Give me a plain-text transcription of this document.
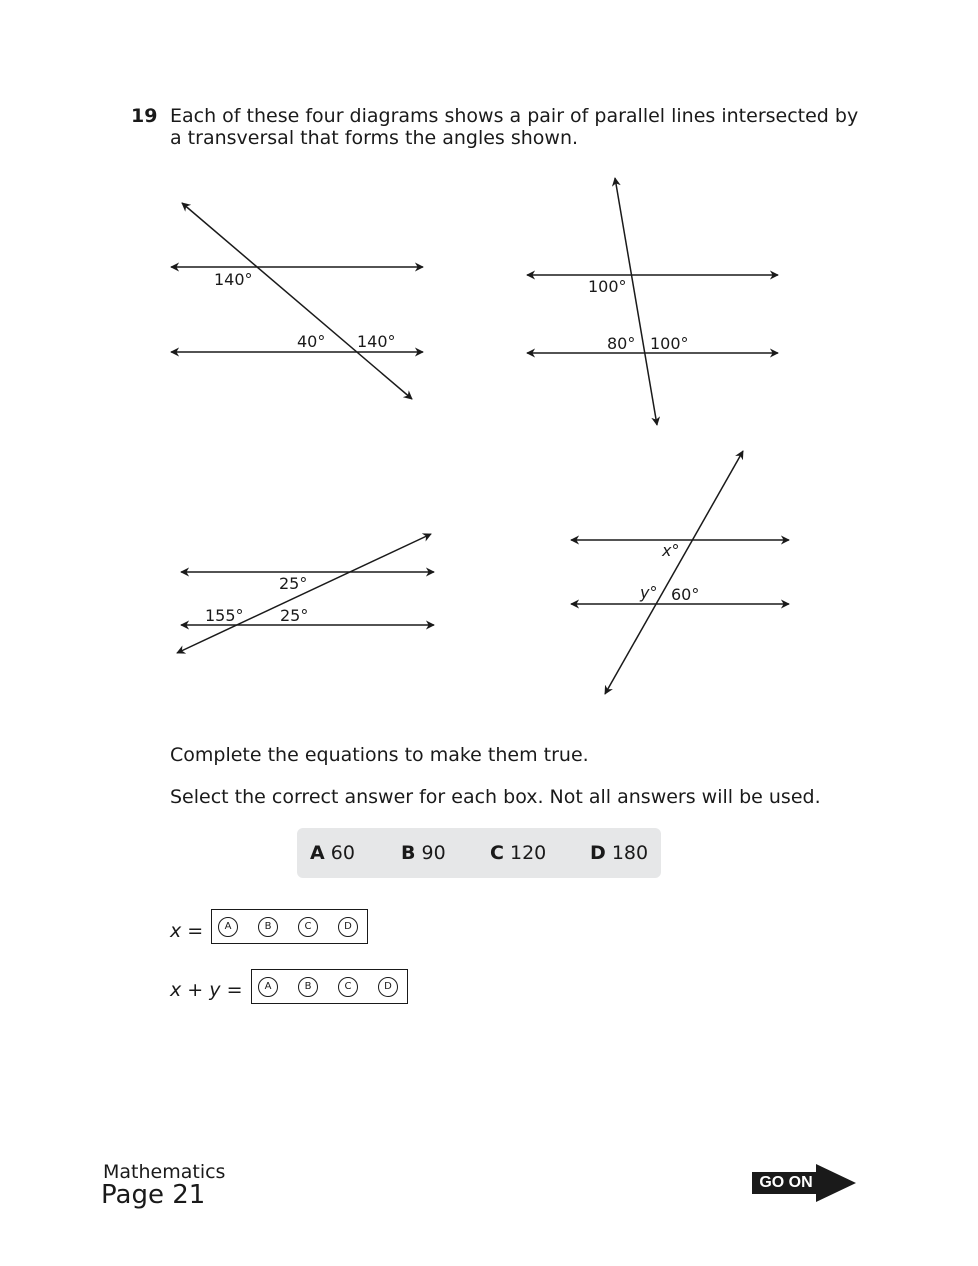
19 Each of these four diagrams shows a pair of parallel lines intersected by a transversal that forms the angles shown.
140°
40° 140°
100°
80° 100°
25°
155° 25°
x°
y° 60°
Complete the equations to make them true.
Select the correct answer for each box. Not all answers will be used.
A 60 B 90 C 120 D 180
x =	A	B	C	D
x + y =	A	B	C	D
Mathematics
Page 21	GO ON
